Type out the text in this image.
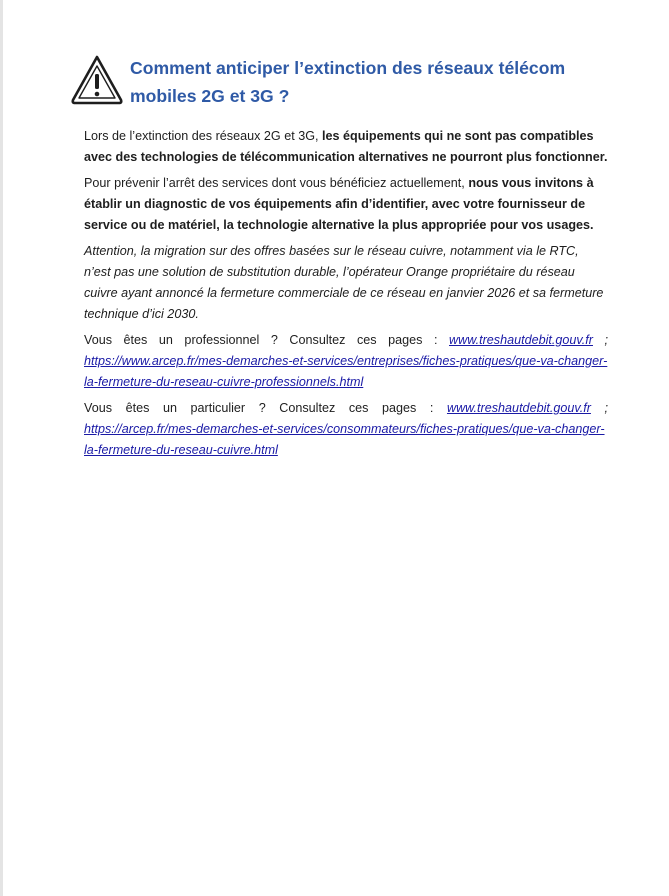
Comment anticiper l’extinction des réseaux télécom mobiles 2G et 3G ?

Lors de l’extinction des réseaux 2G et 3G, les équipements qui ne sont pas compatibles avec des technologies de télécommunication alternatives ne pourront plus fonctionner.

Pour prévenir l’arrêt des services dont vous bénéficiez actuellement, nous vous invitons à établir un diagnostic de vos équipements afin d’identifier, avec votre fournisseur de service ou de matériel, la technologie alternative la plus appropriée pour vos usages.

Attention, la migration sur des offres basées sur le réseau cuivre, notamment via le RTC, n’est pas une solution de substitution durable, l’opérateur Orange propriétaire du réseau cuivre ayant annoncé la fermeture commerciale de ce réseau en janvier 2026 et sa fermeture technique d’ici 2030.

Vous êtes un professionnel ? Consultez ces pages : www.treshautdebit.gouv.fr ; https://www.arcep.fr/mes-demarches-et-services/entreprises/fiches-pratiques/que-va-changer-la-fermeture-du-reseau-cuivre-professionnels.html

Vous êtes un particulier ? Consultez ces pages : www.treshautdebit.gouv.fr ; https://arcep.fr/mes-demarches-et-services/consommateurs/fiches-pratiques/que-va-changer-la-fermeture-du-reseau-cuivre.html
